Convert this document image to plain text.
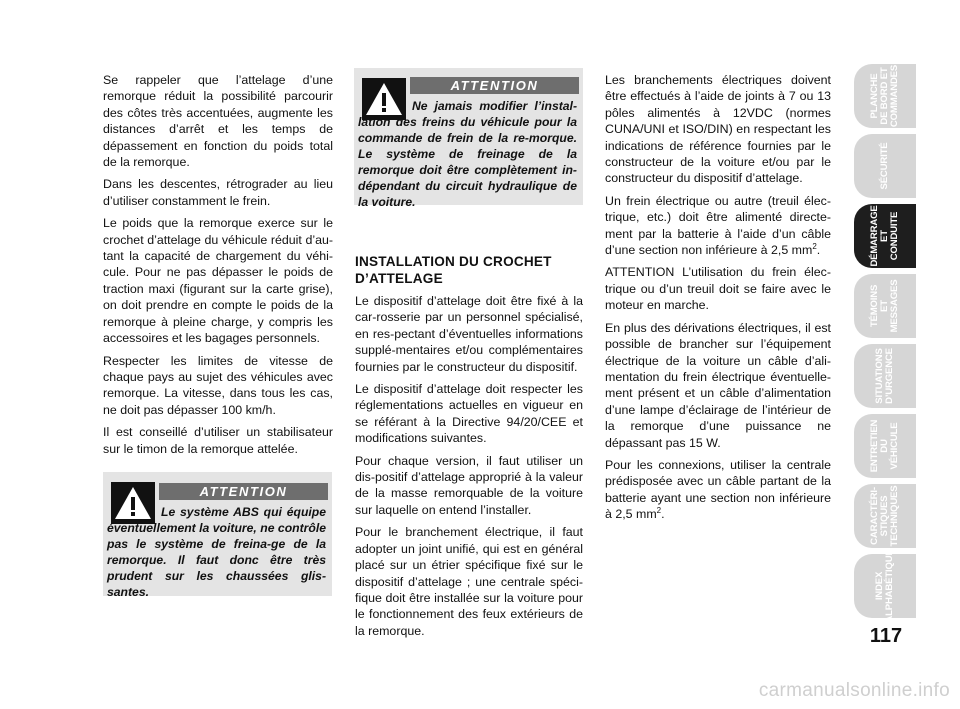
Se rappeler que l’attelage d’une remorque réduit la possibilité parcourir des côtes très accentuées, augmente les distances d’arrêt et les temps de dépassement en fonction du poids total de la remorque.

Dans les descentes, rétrograder au lieu d’utiliser constamment le frein.

Le poids que la remorque exerce sur le crochet d’attelage du véhicule réduit d’au-tant la capacité de chargement du véhi-cule. Pour ne pas dépasser le poids de traction maxi (figurant sur la carte grise), on doit prendre en compte le poids de la remorque à pleine charge, y compris les accessoires et les bagages personnels.

Respecter les limites de vitesse de chaque pays au sujet des véhicules avec remorque. La vitesse, dans tous les cas, ne doit pas dépasser 100 km/h.

Il est conseillé d’utiliser un stabilisateur sur le timon de la remorque attelée.

ATTENTION
Le système ABS qui équipe éventuellement la voiture, ne contrôle pas le système de freina-ge de la remorque. Il faut donc être très prudent sur les chaussées glis-santes.
ATTENTION
Ne jamais modifier l’instal-lation des freins du véhicule pour la commande de frein de la re-morque. Le système de freinage de la remorque doit être complètement in-dépendant du circuit hydraulique de la voiture.
INSTALLATION DU CROCHET D’ATTELAGE

Le dispositif d’attelage doit être fixé à la car-rosserie par un personnel spécialisé, en res-pectant d’éventuelles informations supplé-mentaires et/ou complémentaires fournies par le constructeur du dispositif.

Le dispositif d’attelage doit respecter les réglementations actuelles en vigueur en se référant à la Directive 94/20/CEE et modifications suivantes.

Pour chaque version, il faut utiliser un dis-positif d’attelage approprié à la valeur de la masse remorquable de la voiture sur laquelle on entend l’installer.

Pour le branchement électrique, il faut adopter un joint unifié, qui est en général placé sur un étrier spécifique fixé sur le dispositif d’attelage ; une centrale spéci-fique doit être installée sur la voiture pour le fonctionnement des feux extérieurs de la remorque.

Les branchements électriques doivent être effectués à l’aide de joints à 7 ou 13 pôles alimentés à 12VDC (normes CUNA/UNI et ISO/DIN) en respectant les indications de référence fournies par le constructeur de la voiture et/ou par le constructeur du dispositif d’attelage.

Un frein électrique ou autre (treuil élec-trique, etc.) doit être alimenté directe-ment par la batterie à l’aide d’un câble d’une section non inférieure à 2,5 $mm^2$.

ATTENTION L’utilisation du frein élec-trique ou d’un treuil doit se faire avec le moteur en marche.

En plus des dérivations électriques, il est possible de brancher sur l’équipement électrique de la voiture un câble d’ali-mentation du frein électrique éventuelle-ment présent et un câble d’alimentation d’une lampe d’éclairage de l’intérieur de la remorque d’une puissance ne dépassant pas 15 W.

Pour les connexions, utiliser la centrale prédisposée avec un câble partant de la batterie ayant une section non inférieure à 2,5 $mm^2$.

PLANCHE
DE BORD ET
COMMANDES
SÉCURITÉ
DÉMARRAGE
ET CONDUITE
TÉMOINS
ET MESSAGES
SITUATIONS
D’URGENCE
ENTRETIEN
DU VÉHICULE
CARACTÉRI-
STIQUES
TECHNIQUES
INDEX
ALPHABÉTIQUE
117
carmanualsonline.info
